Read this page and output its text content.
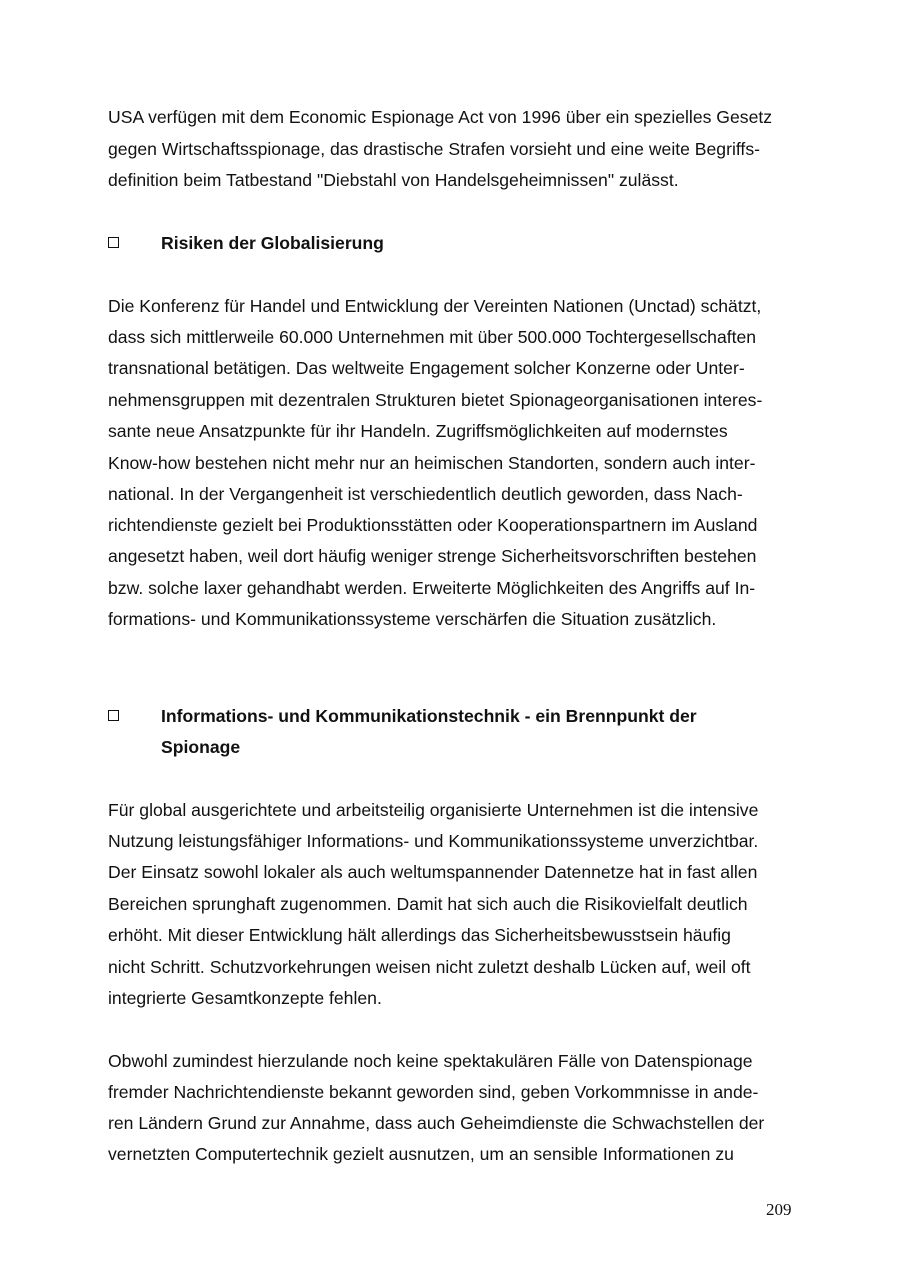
USA verfügen mit dem Economic Espionage Act von 1996 über ein spezielles Gesetz
gegen Wirtschaftsspionage, das drastische Strafen vorsieht und eine weite Begriffs-
definition beim Tatbestand "Diebstahl von Handelsgeheimnissen" zulässt.
Risiken der Globalisierung
Die Konferenz für Handel und Entwicklung der Vereinten Nationen (Unctad) schätzt,
dass sich mittlerweile 60.000 Unternehmen mit über 500.000 Tochtergesellschaften
transnational betätigen. Das weltweite Engagement solcher Konzerne oder Unter-
nehmensgruppen mit dezentralen Strukturen bietet Spionageorganisationen interes-
sante neue Ansatzpunkte für ihr Handeln. Zugriffsmöglichkeiten auf modernstes
Know-how bestehen nicht mehr nur an heimischen Standorten, sondern auch inter-
national. In der Vergangenheit ist verschiedentlich deutlich geworden, dass Nach-
richtendienste gezielt bei Produktionsstätten oder Kooperationspartnern im Ausland
angesetzt haben, weil dort häufig weniger strenge Sicherheitsvorschriften bestehen
bzw. solche laxer gehandhabt werden. Erweiterte Möglichkeiten des Angriffs auf In-
formations- und Kommunikationssysteme verschärfen die Situation zusätzlich.
Informations- und Kommunikationstechnik - ein Brennpunkt der
Spionage
Für global ausgerichtete und arbeitsteilig organisierte Unternehmen ist die intensive
Nutzung leistungsfähiger Informations- und Kommunikationssysteme unverzichtbar.
Der Einsatz sowohl lokaler als auch weltumspannender Datennetze hat in fast allen
Bereichen sprunghaft zugenommen. Damit hat sich auch die Risikovielfalt deutlich
erhöht. Mit dieser Entwicklung hält allerdings das Sicherheitsbewusstsein häufig
nicht Schritt. Schutzvorkehrungen weisen nicht zuletzt deshalb Lücken auf, weil oft
integrierte Gesamtkonzepte fehlen.
Obwohl zumindest hierzulande noch keine spektakulären Fälle von Datenspionage
fremder Nachrichtendienste bekannt geworden sind, geben Vorkommnisse in ande-
ren Ländern Grund zur Annahme, dass auch Geheimdienste die Schwachstellen der
vernetzten Computertechnik gezielt ausnutzen, um an sensible Informationen zu
209
